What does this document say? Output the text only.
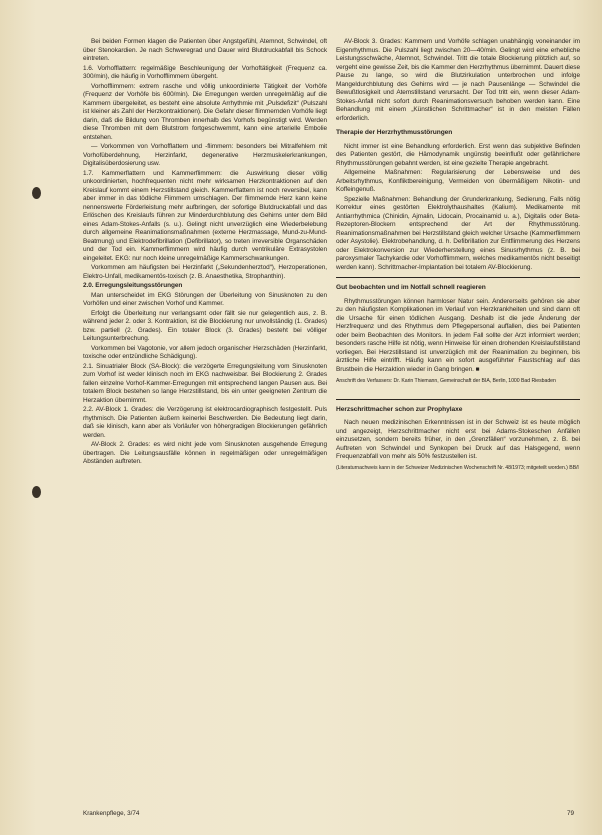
Bei beiden Formen klagen die Patienten über Angstgefühl, Atemnot, Schwindel, oft über Stenokardien. Je nach Schweregrad und Dauer wird Blutdruckabfall bis Schock eintreten.

1.6. Vorhofflattern: regelmäßige Beschleunigung der Vorhoftätigkeit (Frequenz ca. 300/min), die häufig in Vorhofflimmern übergeht.

Vorhofflimmern: extrem rasche und völlig unkoordinierte Tätigkeit der Vorhöfe (Frequenz der Vorhöfe bis 600/min). Die Erregungen werden unregelmäßig auf die Kammern übergeleitet, es besteht eine absolute Arrhythmie mit „Pulsdefizit“ (Pulszahl ist kleiner als Zahl der Herzkontraktionen). Die Gefahr dieser flimmernden Vorhöfe liegt darin, daß die Bildung von Thromben innerhalb des Vorhofs begünstigt wird. Werden diese Thromben mit dem Blutstrom fortgeschwemmt, kann eine arterielle Embolie entstehen.

— Vorkommen von Vorhofflattern und -flimmern: besonders bei Mitralfehlern mit Vorhofüberdehnung, Herzinfarkt, degenerative Herzmuskelerkrankungen, Digitalisüberdosierung usw.

1.7. Kammerflattern und Kammerflimmern: die Auswirkung dieser völlig unkoordinierten, hochfrequenten nicht mehr wirksamen Herzkontraktionen auf den Kreislauf kommt einem Herzstillstand gleich. Kammerflattern ist noch reversibel, kann aber immer in das tödliche Flimmern umschlagen. Der flimmernde Herz kann keine nennenswerte Förderleistung mehr aufbringen, der sofortige Blutdruckabfall und das Erlöschen des Kreislaufs führen zur Minderdurchblutung des Gehirns unter dem Bild eines Adam-Stokes-Anfalls (s. u.). Gelingt nicht unverzüglich eine Wiederbelebung durch allgemeine Reanimationsmaßnahmen (externe Herzmassage, Mund-zu-Mund-Beatmung) und Elektrodefibrillation (Defibrillator), so treten irreversible Organschäden und der Tod ein. Kammerflimmern wird häufig durch ventrikuläre Extrasystolen eingeleitet. EKG: nur noch kleine unregelmäßige Kammerschwankungen.

Vorkommen am häufigsten bei Herzinfarkt („Sekundenherztod“), Herzoperationen, Elektro-Unfall, medikamentös-toxisch (z. B. Anaesthetika, Strophanthin).

2.0. Erregungsleitungsstörungen

Man unterscheidet im EKG Störungen der Überleitung von Sinusknoten zu den Vorhöfen und einer zwischen Vorhof und Kammer.

Erfolgt die Überleitung nur verlangsamt oder fällt sie nur gelegentlich aus, z. B. während jeder 2. oder 3. Kontraktion, ist die Blockierung nur unvollständig (1. Grades) bzw. partiell (2. Grades). Ein totaler Block (3. Grades) besteht bei völliger Leitungsunterbrechung.

Vorkommen bei Vagotonie, vor allem jedoch organischer Herzschäden (Herzinfarkt, toxische oder entzündliche Schädigung).

2.1. Sinuatrialer Block (SA-Block): die verzögerte Erregungsleitung vom Sinusknoten zum Vorhof ist weder klinisch noch im EKG nachweisbar. Bei Blockierung 2. Grades fallen einzelne Vorhof-Kammer-Erregungen mit entsprechend langen Pausen aus. Bei totalem Block bestehen so lange Herzstillstand, bis ein unter geeigneten Zentrum die Herzaktion übernimmt.

2.2. AV-Block 1. Grades: die Verzögerung ist elektrocardiographisch festgestellt. Puls rhythmisch. Die Patienten äußern keinerlei Beschwerden. Die Bedeutung liegt darin, daß sie klinisch, kann aber als Vorläufer von höhergradigen Blockierungen gefährlich werden.

AV-Block 2. Grades: es wird nicht jede vom Sinusknoten ausgehende Erregung übertragen. Die Leitungsausfälle können in regelmäßigen oder unregelmäßigen Abständen auftreten.

AV-Block 3. Grades: Kammern und Vorhöfe schlagen unabhängig voneinander im Eigenrhythmus. Die Pulszahl liegt zwischen 20—40/min. Gelingt wird eine erhebliche Leistungsschwäche, Atemnot, Schwindel. Tritt die totale Blockierung plötzlich auf, so vergeht eine gewisse Zeit, bis die Kammer den Herzrhythmus übernimmt. Dauert diese Pause zu lange, so wird die Blutzirkulation unterbrochen und infolge Mangeldurchblutung des Gehirns wird — je nach Pausenlänge — Schwindel die Bewußtlosigkeit und Atemstillstand verursacht. Der Tod tritt ein, wenn dieser Adam-Stokes-Anfall nicht sofort durch Reanimationsversuch behoben werden kann. Eine Behandlung mit einem „Künstlichen Schrittmacher“ ist in den meisten Fällen erforderlich.

Therapie der Herzrhythmusstörungen

Nicht immer ist eine Behandlung erforderlich. Erst wenn das subjektive Befinden des Patienten gestört, die Hämodynamik ungünstig beeinflußt oder gefährlichere Rhythmusstörungen gebahnt werden, ist eine gezielte Therapie angebracht.

Allgemeine Maßnahmen: Regularisierung der Lebensweise und des Arbeitsrhythmus, Konfliktbereinigung, Vermeiden von übermäßigem Nikotin- und Koffeingenuß.

Spezielle Maßnahmen: Behandlung der Grunderkrankung, Sedierung, Falls nötig Korrektur eines gestörten Elektrolythaushaltes (Kalium). Medikamente mit Antiarrhythmica (Chinidin, Ajmalin, Lidocain, Procainamid u. a.), Digitalis oder Beta-Rezeptoren-Blockern entsprechend der Art der Rhythmusstörung. Reanimationsmaßnahmen bei Herzstillstand gleich welcher Ursache (Kammerflimmern oder Asystolie). Elektrobehandlung, d. h. Defibrillation zur Entflimmerung des Herzens oder Elektrokonversion zur Wiederherstellung eines Sinusrhythmus (z. B. bei paroxysmaler Tachykardie oder Vorhofflimmern, welches medikamentös nicht beseitigt werden kann). Schrittmacher-Implantation bei totalem AV-Blockierung.

Gut beobachten und im Notfall schnell reagieren

Rhythmusstörungen können harmloser Natur sein. Andererseits gehören sie aber zu den häufigsten Komplikationen im Verlauf von Herzkrankheiten und sind dann oft die Ursache für einen tödlichen Ausgang. Deshalb ist die jede Änderung der Herzfrequenz und des Rhythmus dem Pflegepersonal auffallen, dies bei Patienten oder beim Beobachten des Monitors. In jedem Fall sollte der Arzt informiert werden; besonders rasche Hilfe ist nötig, wenn Hinweise für einen drohenden Kreislaufstillstand vorliegen. Bei Herzstillstand ist unverzüglich mit der Reanimation zu beginnen, bis ärztliche Hilfe eintrifft. Häufig kann ein sofort ausgeführter Faustschlag auf das Brustbein die Herzaktion wieder in Gang bringen. ■

Anschrift des Verfassers: Dr. Karin Thiemann, Gemeinschaft der BIA, Berlin, 1000 Bad Riesbaden

Herzschrittmacher schon zur Prophylaxe

Nach neuen medizinischen Erkenntnissen ist in der Schweiz ist es heute möglich und angezeigt, Herzschrittmacher nicht erst bei Adams-Stokeschen Anfällen einzusetzen, sondern bereits früher, in den „Grenzfällen“ vorzunehmen, z. B. bei Auftreten von Schwindel und Synkopen bei Druck auf das Halsgegend, wenn Frequenzabfall von mehr als 50% festzustellen ist.

(Literaturnachweis kann in der Schweizer Medizinischen Wochenschrift Nr. 48/1973; mitgeteilt worden.) BB/l

Krankenpflege, 3/74	79
